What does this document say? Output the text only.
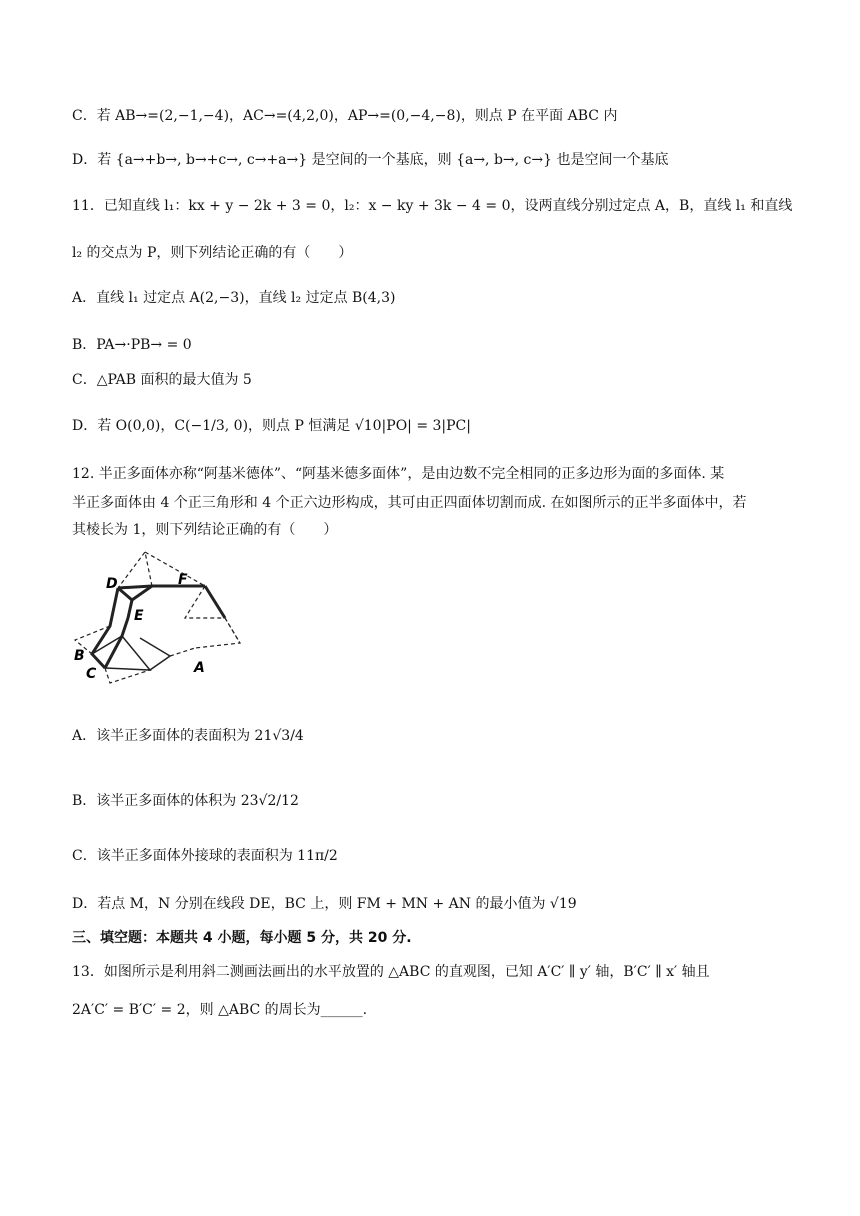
C．若 AB→=(2,−1,−4)，AC→=(4,2,0)，AP→=(0,−4,−8)，则点 P 在平面 ABC 内
D．若 {a→+b→, b→+c→, c→+a→} 是空间的一个基底，则 {a→, b→, c→} 也是空间一个基底
11．已知直线 l₁：kx + y − 2k + 3 = 0，l₂：x − ky + 3k − 4 = 0，设两直线分别过定点 A，B，直线 l₁ 和直线
l₂ 的交点为 P，则下列结论正确的有（　　）
A．直线 l₁ 过定点 A(2,−3)，直线 l₂ 过定点 B(4,3)
B．PA→·PB→ = 0
C．△PAB 面积的最大值为 5
D．若 O(0,0)，C(−1/3, 0)，则点 P 恒满足 √10|PO| = 3|PC|
12. 半正多面体亦称“阿基米德体”、“阿基米德多面体”，是由边数不完全相同的正多边形为面的多面体. 某
半正多面体由 4 个正三角形和 4 个正六边形构成，其可由正四面体切割而成. 在如图所示的正半多面体中，若
其棱长为 1，则下列结论正确的有（　　）
D	F
E
B
C	A
A．该半正多面体的表面积为 21√3/4
B．该半正多面体的体积为 23√2/12
C．该半正多面体外接球的表面积为 11π/2
D．若点 M，N 分别在线段 DE，BC 上，则 FM + MN + AN 的最小值为 √19
三、填空题：本题共 4 小题，每小题 5 分，共 20 分.
13．如图所示是利用斜二测画法画出的水平放置的 △ABC 的直观图，已知 A′C′ ∥ y′ 轴，B′C′ ∥ x′ 轴且
2A′C′ = B′C′ = 2，则 △ABC 的周长为______.
